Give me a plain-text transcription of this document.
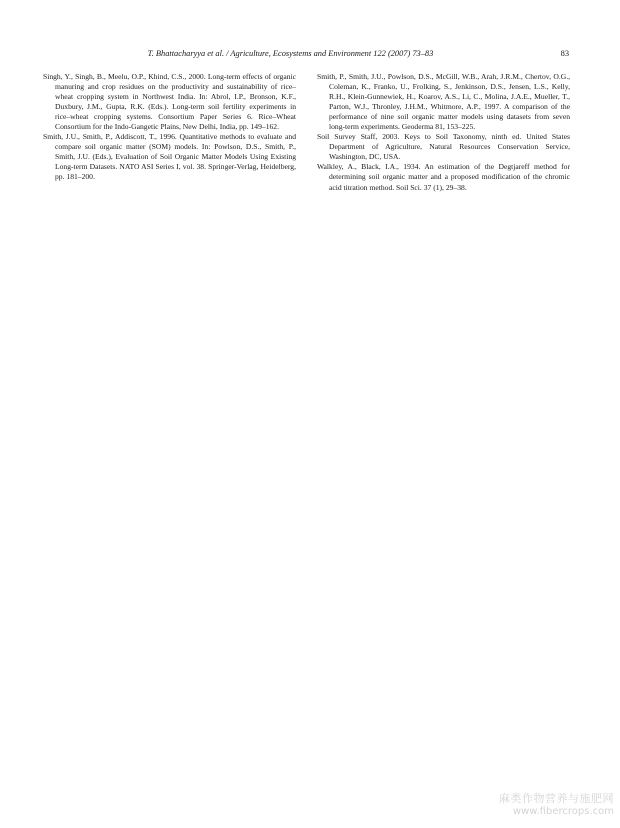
T. Bhattacharyya et al. / Agriculture, Ecosystems and Environment 122 (2007) 73–83	83

Singh, Y., Singh, B., Meelu, O.P., Khind, C.S., 2000. Long-term effects of organic manuring and crop residues on the productivity and sustainability of rice–wheat cropping system in Northwest India. In: Abrol, I.P., Bronson, K.F., Duxbury, J.M., Gupta, R.K. (Eds.). Long-term soil fertility experiments in rice–wheat cropping systems. Consortium Paper Series 6. Rice–Wheat Consortium for the Indo-Gangetic Plains, New Delhi, India, pp. 149–162.

Smith, J.U., Smith, P., Addiscott, T., 1996. Quantitative methods to evaluate and compare soil organic matter (SOM) models. In: Powlson, D.S., Smith, P., Smith, J.U. (Eds.), Evaluation of Soil Organic Matter Models Using Existing Long-term Datasets. NATO ASI Series I, vol. 38. Springer-Verlag, Heidelberg, pp. 181–200.

Smith, P., Smith, J.U., Powlson, D.S., McGill, W.B., Arah, J.R.M., Chertov, O.G., Coleman, K., Franko, U., Frolking, S., Jenkinson, D.S., Jensen, L.S., Kelly, R.H., Klein-Gunnewiek, H., Koarov, A.S., Li, C., Molina, J.A.E., Mueller, T., Parton, W.J., Thronley, J.H.M., Whitmore, A.P., 1997. A comparison of the performance of nine soil organic matter models using datasets from seven long-term experiments. Geoderma 81, 153–225.

Soil Survey Staff, 2003. Keys to Soil Taxonomy, ninth ed. United States Department of Agriculture, Natural Resources Conservation Service, Washington, DC, USA.

Walkley, A., Black, I.A., 1934. An estimation of the Degtjareff method for determining soil organic matter and a proposed modification of the chromic acid titration method. Soil Sci. 37 (1), 29–38.

麻类作物营养与施肥网
www.fibercrops.com
